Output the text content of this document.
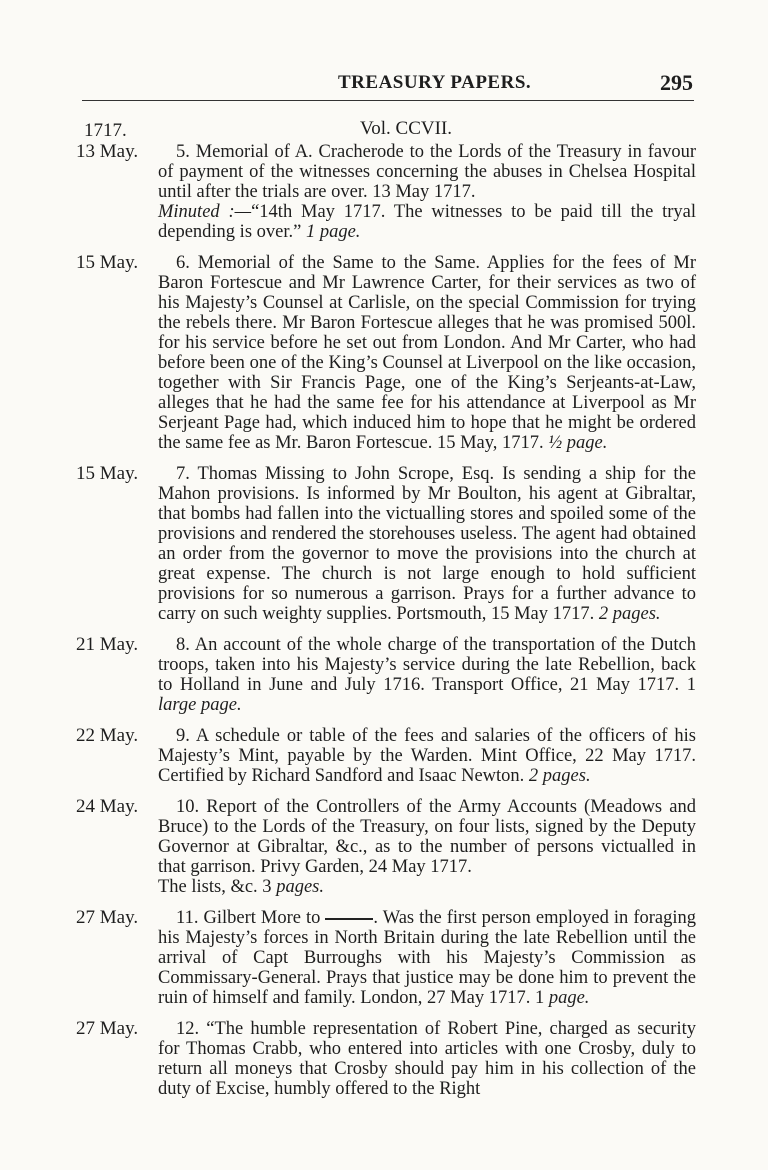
TREASURY PAPERS.	295
1717.	Vol. CCVII.
13 May.	5. Memorial of A. Cracherode to the Lords of the Treasury in favour of payment of the witnesses concerning the abuses in Chelsea Hospital until after the trials are over. 13 May 1717.

Minuted :—“14th May 1717. The witnesses to be paid till the tryal depending is over.” 1 page.

15 May.	6. Memorial of the Same to the Same. Applies for the fees of Mr Baron Fortescue and Mr Lawrence Carter, for their services as two of his Majesty’s Counsel at Carlisle, on the special Commission for trying the rebels there. Mr Baron Fortescue alleges that he was promised 500l. for his service before he set out from London. And Mr Carter, who had before been one of the King’s Counsel at Liverpool on the like occasion, together with Sir Francis Page, one of the King’s Serjeants-at-Law, alleges that he had the same fee for his attendance at Liverpool as Mr Serjeant Page had, which induced him to hope that he might be ordered the same fee as Mr. Baron Fortescue. 15 May, 1717. ½ page.

15 May.	7. Thomas Missing to John Scrope, Esq. Is sending a ship for the Mahon provisions. Is informed by Mr Boulton, his agent at Gibraltar, that bombs had fallen into the victualling stores and spoiled some of the provisions and rendered the storehouses useless. The agent had obtained an order from the governor to move the provisions into the church at great expense. The church is not large enough to hold sufficient provisions for so numerous a garrison. Prays for a further advance to carry on such weighty supplies. Portsmouth, 15 May 1717. 2 pages.

21 May.	8. An account of the whole charge of the transportation of the Dutch troops, taken into his Majesty’s service during the late Rebellion, back to Holland in June and July 1716. Transport Office, 21 May 1717. 1 large page.

22 May.	9. A schedule or table of the fees and salaries of the officers of his Majesty’s Mint, payable by the Warden. Mint Office, 22 May 1717. Certified by Richard Sandford and Isaac Newton. 2 pages.

24 May.	10. Report of the Controllers of the Army Accounts (Meadows and Bruce) to the Lords of the Treasury, on four lists, signed by the Deputy Governor at Gibraltar, &c., as to the number of persons victualled in that garrison. Privy Garden, 24 May 1717.

The lists, &c. 3 pages.

27 May.	11. Gilbert More to	. Was the first person employed in foraging his Majesty’s forces in North Britain during the late Rebellion until the arrival of Capt Burroughs with his Majesty’s Commission as Commissary-General. Prays that justice may be done him to prevent the ruin of himself and family. London, 27 May 1717. 1 page.

27 May.	12. “The humble representation of Robert Pine, charged as security for Thomas Crabb, who entered into articles with one Crosby, duly to return all moneys that Crosby should pay him in his collection of the duty of Excise, humbly offered to the Right
